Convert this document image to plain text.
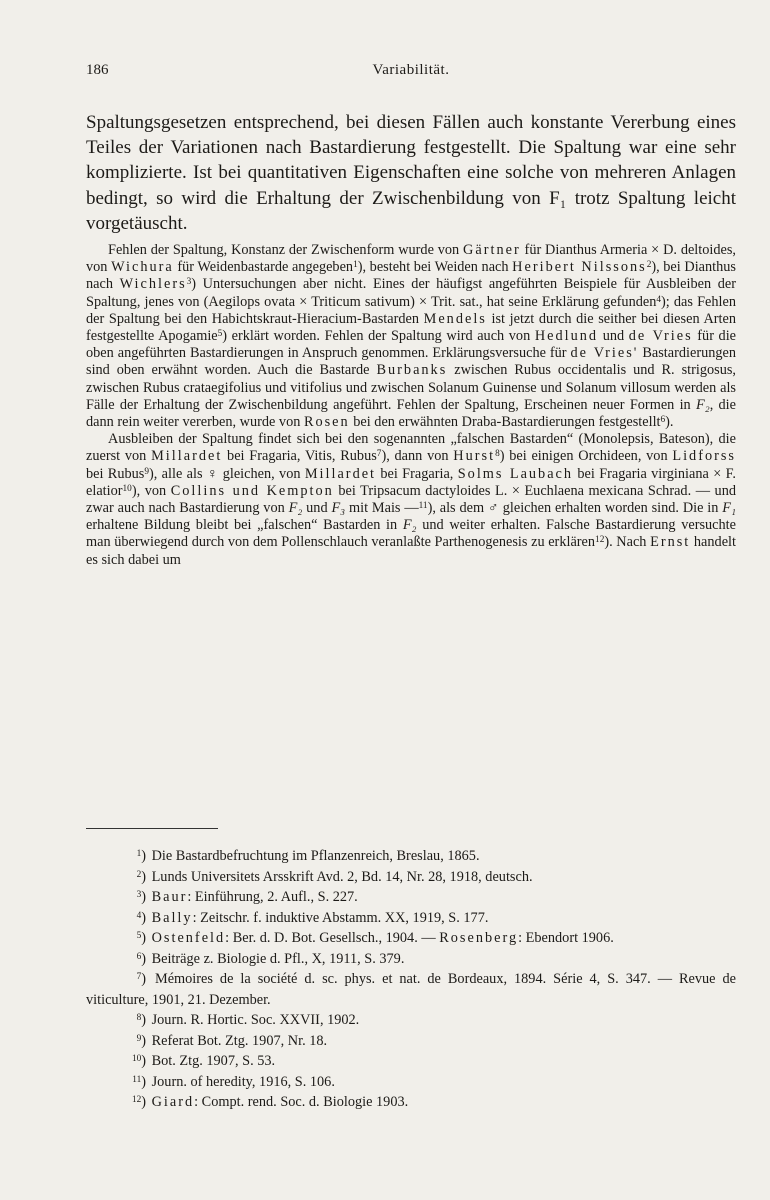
186	Variabilität.

Spaltungsgesetzen entsprechend, bei diesen Fällen auch konstante Vererbung eines Teiles der Variationen nach Bastardierung festgestellt. Die Spaltung war eine sehr komplizierte. Ist bei quantitativen Eigenschaften eine solche von mehreren Anlagen bedingt, so wird die Erhaltung der Zwischenbildung von F₁ trotz Spaltung leicht vorgetäuscht.

Fehlen der Spaltung, Konstanz der Zwischenform wurde von Gärtner für Dianthus Armeria × D. deltoides, von Wichura für Weidenbastarde angegeben$^1$), besteht bei Weiden nach Heribert Nilssons$^2$), bei Dianthus nach Wichlers$^3$) Untersuchungen aber nicht. Eines der häufigst angeführten Beispiele für Ausbleiben der Spaltung, jenes von (Aegilops ovata × Triticum sativum) × Trit. sat., hat seine Erklärung gefunden$^4$); das Fehlen der Spaltung bei den Habichtskraut-Hieracium-Bastarden Mendels ist jetzt durch die seither bei diesen Arten festgestellte Apogamie$^5$) erklärt worden. Fehlen der Spaltung wird auch von Hedlund und de Vries für die oben angeführten Bastardierungen in Anspruch genommen. Erklärungsversuche für de Vries' Bastardierungen sind oben erwähnt worden. Auch die Bastarde Burbanks zwischen Rubus occidentalis und R. strigosus, zwischen Rubus crataegifolius und vitifolius und zwischen Solanum Guinense und Solanum villosum werden als Fälle der Erhaltung der Zwischenbildung angeführt. Fehlen der Spaltung, Erscheinen neuer Formen in F₂, die dann rein weiter vererben, wurde von Rosen bei den erwähnten Draba-Bastardierungen festgestellt$^6$).

Ausbleiben der Spaltung findet sich bei den sogenannten „falschen Bastarden“ (Monolepsis, Bateson), die zuerst von Millardet bei Fragaria, Vitis, Rubus$^7$), dann von Hurst$^8$) bei einigen Orchideen, von Lidforss bei Rubus$^9$), alle als ♀ gleichen, von Millardet bei Fragaria, Solms Laubach bei Fragaria virginiana × F. elatior$^{10}$), von Collins und Kempton bei Tripsacum dactyloides L. × Euchlaena mexicana Schrad. — und zwar auch nach Bastardierung von F₂ und F₃ mit Mais —$^{11}$), als dem ♂ gleichen erhalten worden sind. Die in F₁ erhaltene Bildung bleibt bei „falschen“ Bastarden in F₂ und weiter erhalten. Falsche Bastardierung versuchte man überwiegend durch von dem Pollenschlauch veranlaßte Parthenogenesis zu erklären$^{12}$). Nach Ernst handelt es sich dabei um

$^1$) Die Bastardbefruchtung im Pflanzenreich, Breslau, 1865.
$^2$) Lunds Universitets Arsskrift Avd. 2, Bd. 14, Nr. 28, 1918, deutsch.
$^3$) Baur: Einführung, 2. Aufl., S. 227.
$^4$) Bally: Zeitschr. f. induktive Abstamm. XX, 1919, S. 177.
$^5$) Ostenfeld: Ber. d. D. Bot. Gesellsch., 1904. — Rosenberg: Ebendort 1906.
$^6$) Beiträge z. Biologie d. Pfl., X, 1911, S. 379.
$^7$) Mémoires de la société d. sc. phys. et nat. de Bordeaux, 1894. Série 4, S. 347. — Revue de viticulture, 1901, 21. Dezember.
$^8$) Journ. R. Hortic. Soc. XXVII, 1902.
$^9$) Referat Bot. Ztg. 1907, Nr. 18.
$^{10}$) Bot. Ztg. 1907, S. 53.
$^{11}$) Journ. of heredity, 1916, S. 106.
$^{12}$) Giard: Compt. rend. Soc. d. Biologie 1903.
